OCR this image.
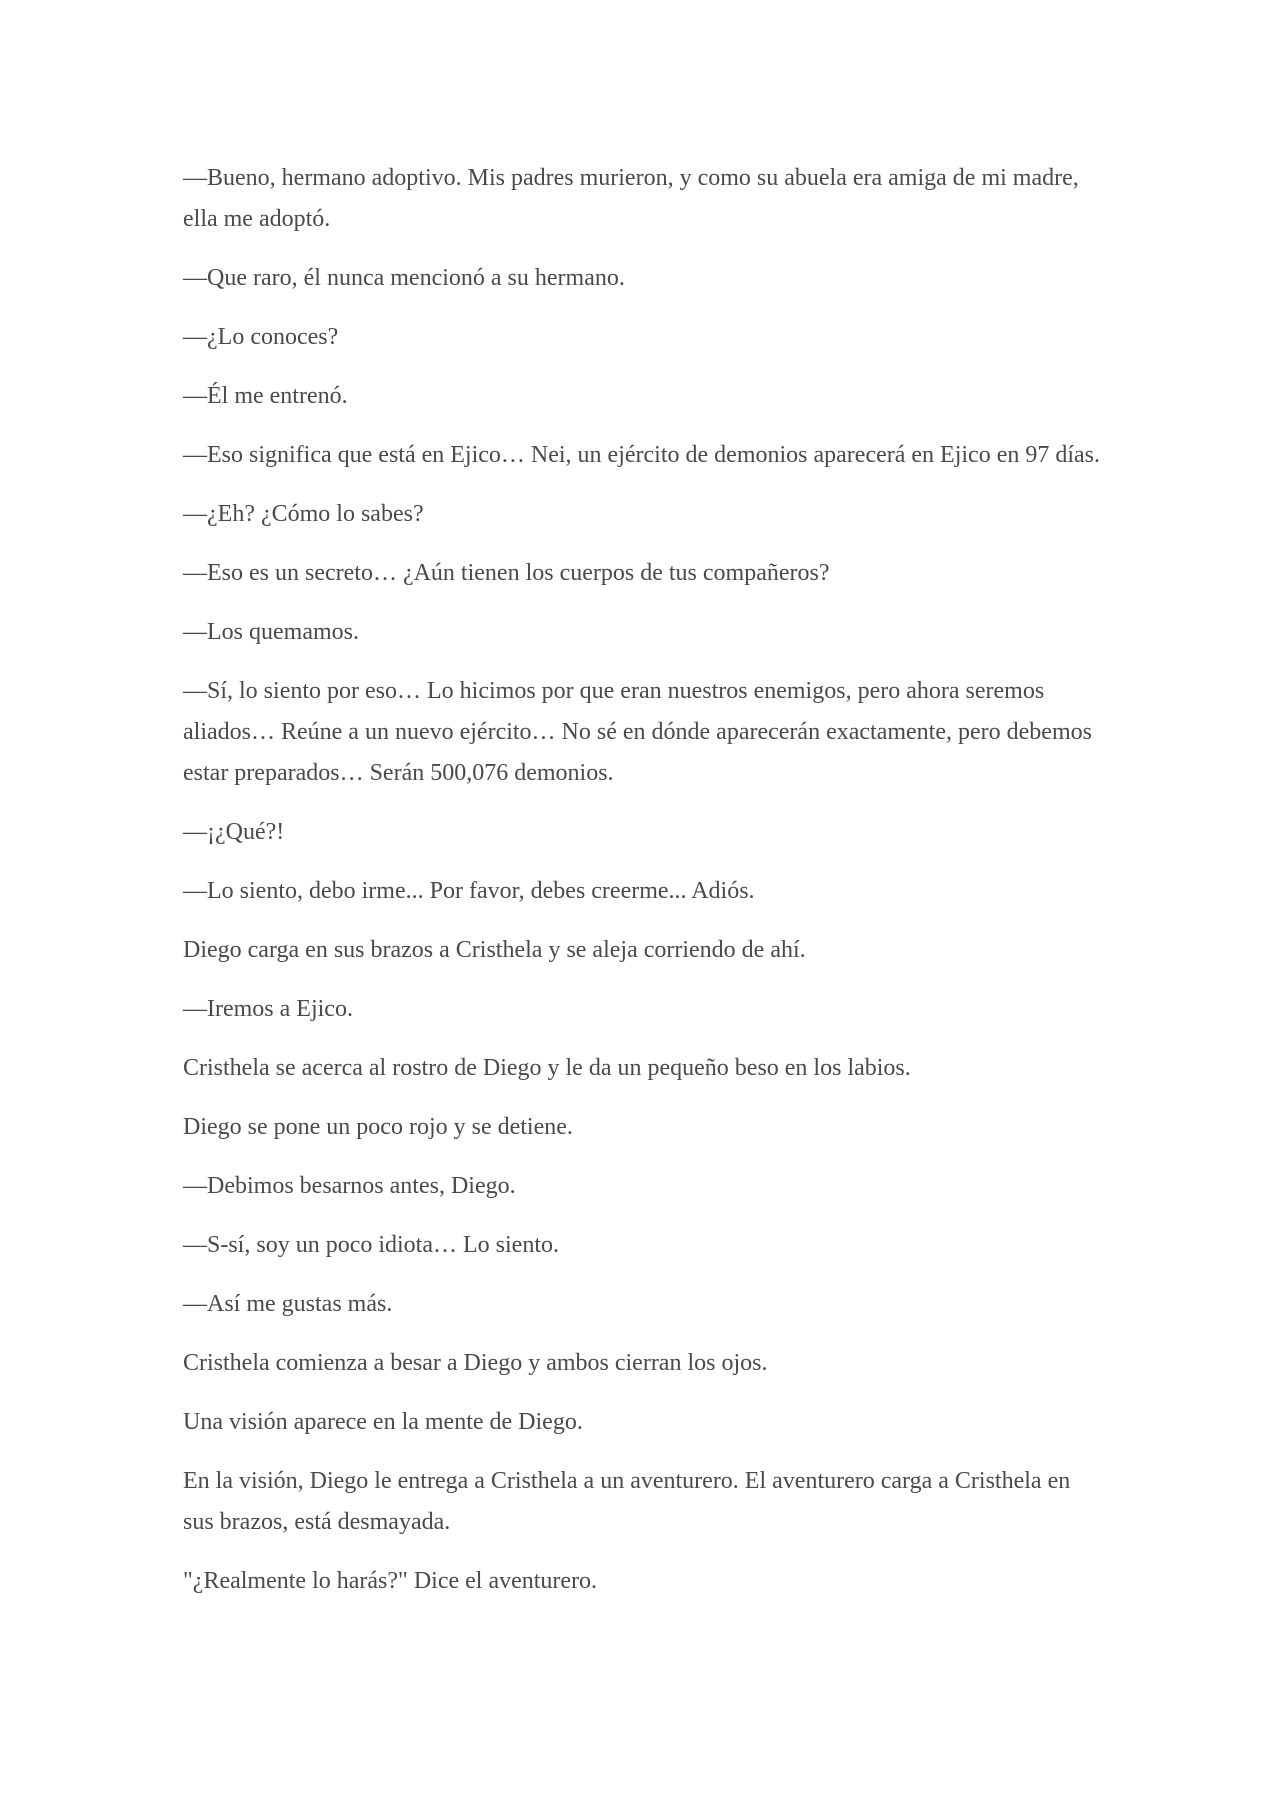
—Bueno, hermano adoptivo. Mis padres murieron, y como su abuela era amiga de mi madre, ella me adoptó.

—Que raro, él nunca mencionó a su hermano.

—¿Lo conoces?

—Él me entrenó.

—Eso significa que está en Ejico… Nei, un ejército de demonios aparecerá en Ejico en 97 días.

—¿Eh? ¿Cómo lo sabes?

—Eso es un secreto… ¿Aún tienen los cuerpos de tus compañeros?

—Los quemamos.

—Sí, lo siento por eso… Lo hicimos por que eran nuestros enemigos, pero ahora seremos aliados… Reúne a un nuevo ejército… No sé en dónde aparecerán exactamente, pero debemos estar preparados… Serán 500,076 demonios.

—¡¿Qué?!

—Lo siento, debo irme... Por favor, debes creerme... Adiós.

Diego carga en sus brazos a Cristhela y se aleja corriendo de ahí.

—Iremos a Ejico.

Cristhela se acerca al rostro de Diego y le da un pequeño beso en los labios.

Diego se pone un poco rojo y se detiene.

—Debimos besarnos antes, Diego.

—S-sí, soy un poco idiota… Lo siento.

—Así me gustas más.

Cristhela comienza a besar a Diego y ambos cierran los ojos.

Una visión aparece en la mente de Diego.

En la visión, Diego le entrega a Cristhela a un aventurero. El aventurero carga a Cristhela en sus brazos, está desmayada.

"¿Realmente lo harás?" Dice el aventurero.
